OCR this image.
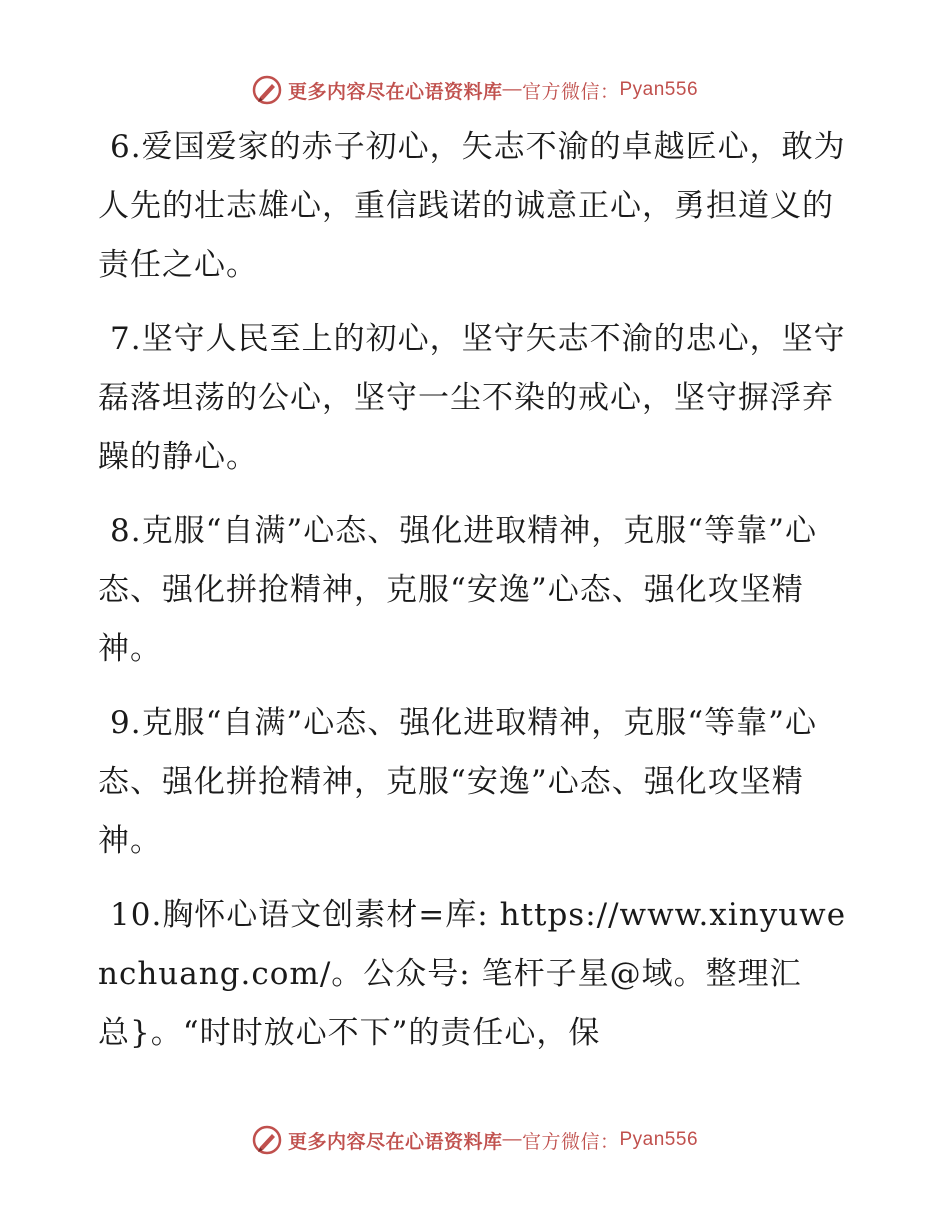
更多内容尽在心语资料库 — 官方微信： Pyan556

6.爱国爱家的赤子初心，矢志不渝的卓越匠心，敢为人先的壮志雄心，重信践诺的诚意正心，勇担道义的责任之心。

7.坚守人民至上的初心，坚守矢志不渝的忠心，坚守磊落坦荡的公心，坚守一尘不染的戒心，坚守摒浮弃躁的静心。

8.克服“自满”心态、强化进取精神，克服“等靠”心态、强化拼抢精神，克服“安逸”心态、强化攻坚精神。

9.克服“自满”心态、强化进取精神，克服“等靠”心态、强化拼抢精神，克服“安逸”心态、强化攻坚精神。

10.胸怀心语文创素材=库: https://www.xinyuwenchuang.com/。公众号: 笔杆子星@域。整理汇总}。“时时放心不下”的责任心，保

更多内容尽在心语资料库 — 官方微信： Pyan556
